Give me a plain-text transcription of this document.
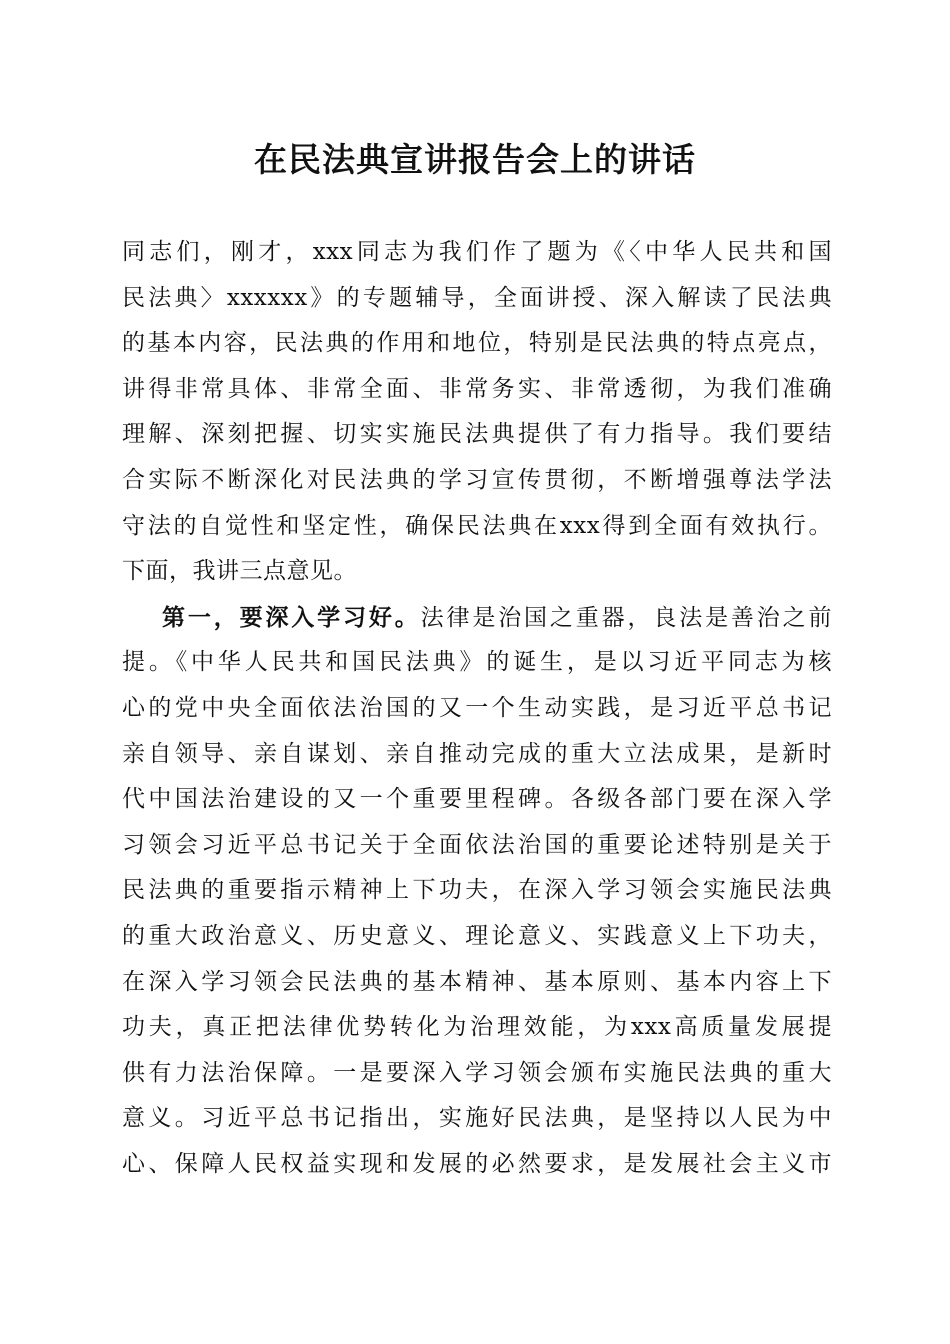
在民法典宣讲报告会上的讲话
同志们，刚才，xxx同志为我们作了题为《〈中华人民共和国
民法典〉xxxxxx》的专题辅导，全面讲授、深入解读了民法典
的基本内容，民法典的作用和地位，特别是民法典的特点亮点，
讲得非常具体、非常全面、非常务实、非常透彻，为我们准确
理解、深刻把握、切实实施民法典提供了有力指导。我们要结
合实际不断深化对民法典的学习宣传贯彻，不断增强尊法学法
守法的自觉性和坚定性，确保民法典在xxx得到全面有效执行。
下面，我讲三点意见。
第一，要深入学习好。法律是治国之重器，良法是善治之前
提。《中华人民共和国民法典》的诞生，是以习近平同志为核
心的党中央全面依法治国的又一个生动实践，是习近平总书记
亲自领导、亲自谋划、亲自推动完成的重大立法成果，是新时
代中国法治建设的又一个重要里程碑。各级各部门要在深入学
习领会习近平总书记关于全面依法治国的重要论述特别是关于
民法典的重要指示精神上下功夫，在深入学习领会实施民法典
的重大政治意义、历史意义、理论意义、实践意义上下功夫，
在深入学习领会民法典的基本精神、基本原则、基本内容上下
功夫，真正把法律优势转化为治理效能，为xxx高质量发展提
供有力法治保障。一是要深入学习领会颁布实施民法典的重大
意义。习近平总书记指出，实施好民法典，是坚持以人民为中
心、保障人民权益实现和发展的必然要求，是发展社会主义市
